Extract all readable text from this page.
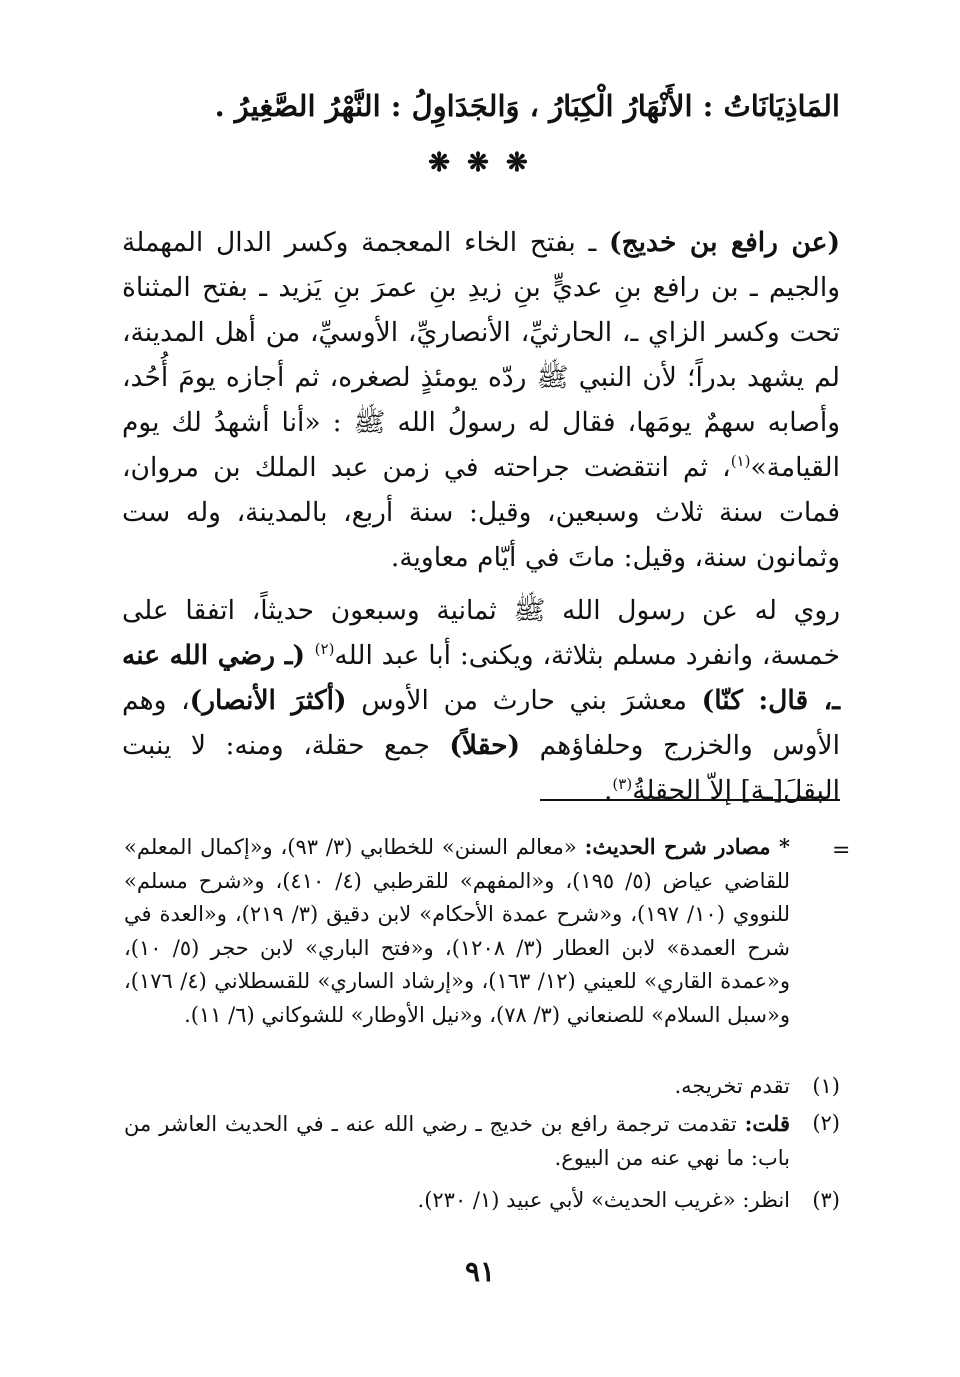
المَاذِيَانَاتُ : الأَنْهَارُ الْكِبَارُ ، وَالجَدَاوِلُ : النَّهْرُ الصَّغِيرُ .
❋ ❋ ❋
(عن رافع بن خديج) ـ بفتح الخاء المعجمة وكسر الدال المهملة والجيم ـ بن رافع بنِ عديٍّ بنِ زيدِ بنِ عمرَ بنِ يَزيد ـ بفتح المثناة تحت وكسر الزاي ـ، الحارثيِّ، الأنصاريِّ، الأوسيِّ، من أهل المدينة، لم يشهد بدراً؛ لأن النبي ﷺ ردّه يومئذٍ لصغره، ثم أجازه يومَ أُحُد، وأصابه سهمٌ يومَها، فقال له رسولُ الله ﷺ : «أنا أشهدُ لك يوم القيامة»$^{(١)}$، ثم انتقضت جراحته في زمن عبد الملك بن مروان، فمات سنة ثلاث وسبعين، وقيل: سنة أربع، بالمدينة، وله ست وثمانون سنة، وقيل: ماتَ في أيّام معاوية.
روي له عن رسول الله ﷺ ثمانية وسبعون حديثاً، اتفقا على خمسة، وانفرد مسلم بثلاثة، ويكنى: أبا عبد الله$^{(٢)}$ (ـ رضي الله عنه ـ، قال: كنّا) معشرَ بني حارث من الأوس (أكثرَ الأنصار)، وهم الأوس والخزرج وحلفاؤهم (حقلاً) جمع حقلة، ومنه: لا ينبت البقلَ[ـة] إلاّ الحقلةُ$^{(٣)}$.
=
* مصادر شرح الحديث: «معالم السنن» للخطابي (٣/ ٩٣)، و«إكمال المعلم» للقاضي عياض (٥/ ١٩٥)، و«المفهم» للقرطبي (٤/ ٤١٠)، و«شرح مسلم» للنووي (١٠/ ١٩٧)، و«شرح عمدة الأحكام» لابن دقيق (٣/ ٢١٩)، و«العدة في شرح العمدة» لابن العطار (٣/ ١٢٠٨)، و«فتح الباري» لابن حجر (٥/ ١٠)، و«عمدة القاري» للعيني (١٢/ ١٦٣)، و«إرشاد الساري» للقسطلاني (٤/ ١٧٦)، و«سبل السلام» للصنعاني (٣/ ٧٨)، و«نيل الأوطار» للشوكاني (٦/ ١١).
(١)
تقدم تخريجه.
(٢)
قلت: تقدمت ترجمة رافع بن خديج ـ رضي الله عنه ـ في الحديث العاشر من باب: ما نهي عنه من البيوع.
(٣)
انظر: «غريب الحديث» لأبي عبيد (١/ ٢٣٠).
٩١
